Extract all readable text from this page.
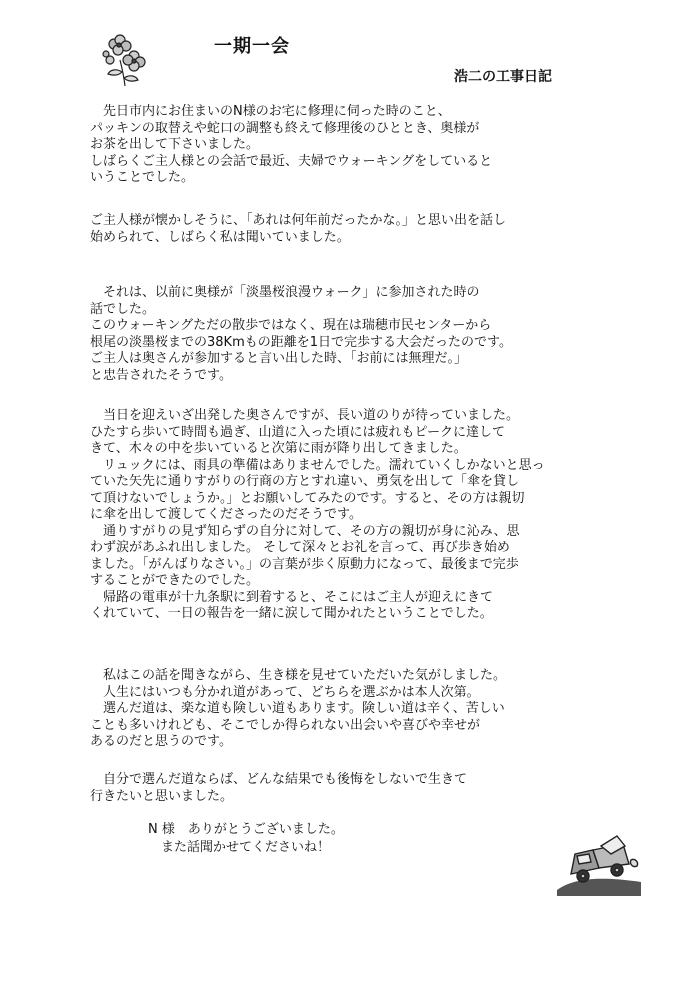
一期一会
浩二の工事日記
　先日市内にお住まいのN様のお宅に修理に伺った時のこと、
パッキンの取替えや蛇口の調整も終えて修理後のひととき、奥様が
お茶を出して下さいました。
しばらくご主人様との会話で最近、夫婦でウォーキングをしていると
いうことでした。
ご主人様が懐かしそうに、「あれは何年前だったかな。」と思い出を話し
始められて、しばらく私は聞いていました。
　それは、以前に奥様が「淡墨桜浪漫ウォーク」に参加された時の
話でした。
このウォーキングただの散歩ではなく、現在は瑞穂市民センターから
根尾の淡墨桜までの38Kmもの距離を1日で完歩する大会だったのです。
ご主人は奥さんが参加すると言い出した時、「お前には無理だ。」
と忠告されたそうです。
　当日を迎えいざ出発した奥さんですが、長い道のりが待っていました。
ひたすら歩いて時間も過ぎ、山道に入った頃には疲れもピークに達して
きて、木々の中を歩いていると次第に雨が降り出してきました。
　リュックには、雨具の準備はありませんでした。濡れていくしかないと思っ
ていた矢先に通りすがりの行商の方とすれ違い、勇気を出して「傘を貸し
て頂けないでしょうか。」とお願いしてみたのです。すると、その方は親切
に傘を出して渡してくださったのだそうです。
　通りすがりの見ず知らずの自分に対して、その方の親切が身に沁み、思
わず涙があふれ出しました。 そして深々とお礼を言って、再び歩き始め
ました。「がんばりなさい。」の言葉が歩く原動力になって、最後まで完歩
することができたのでした。
　帰路の電車が十九条駅に到着すると、そこにはご主人が迎えにきて
くれていて、一日の報告を一緒に涙して聞かれたということでした。
　私はこの話を聞きながら、生き様を見せていただいた気がしました。
　人生にはいつも分かれ道があって、どちらを選ぶかは本人次第。
　選んだ道は、楽な道も険しい道もあります。険しい道は辛く、苦しい
ことも多いけれども、そこでしか得られない出会いや喜びや幸せが
あるのだと思うのです。
　自分で選んだ道ならば、どんな結果でも後悔をしないで生きて
行きたいと思いました。
N 様　ありがとうございました。
　また話聞かせてくださいね！
